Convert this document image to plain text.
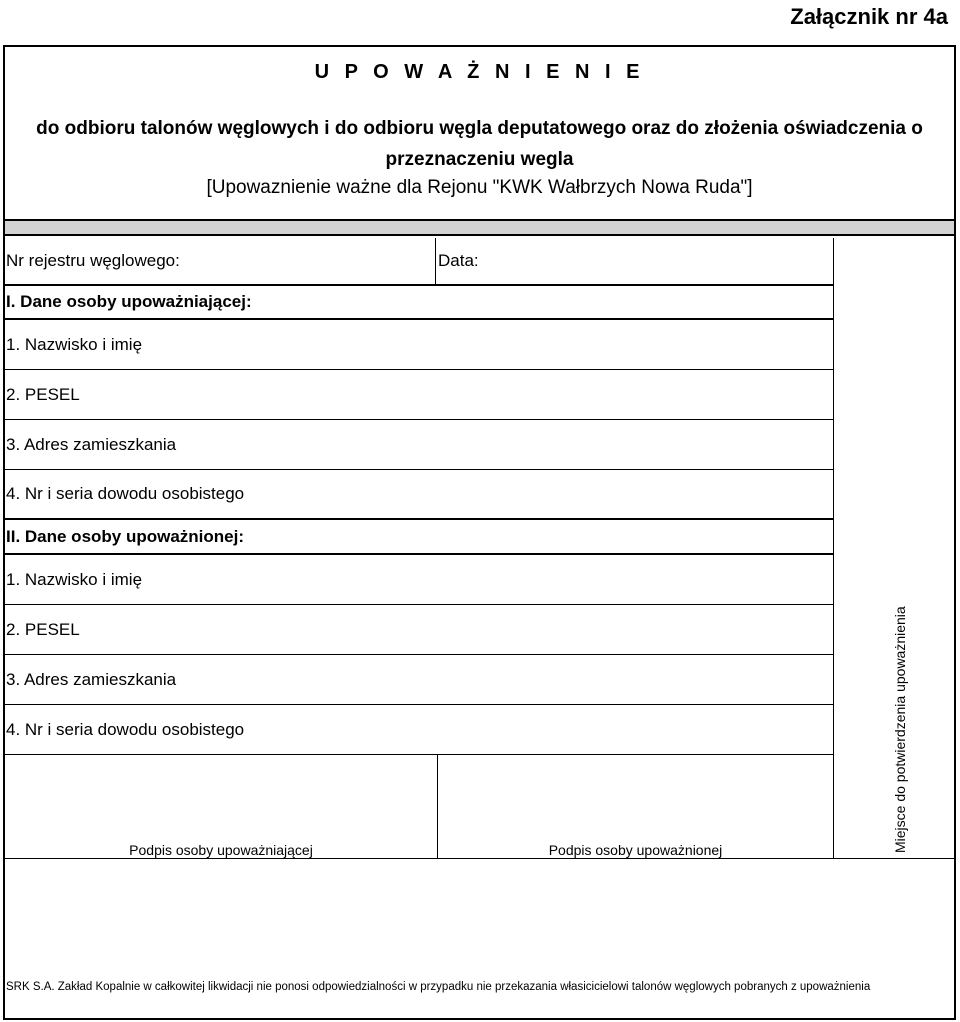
Załącznik nr 4a
U P O W A Ż N I E N I E
do odbioru talonów węglowych i do odbioru węgla deputatowego oraz do złożenia oświadczenia o przeznaczeniu wegla
[Upowaznienie ważne dla Rejonu "KWK Wałbrzych Nowa Ruda"]
Nr rejestru węglowego:	Data:
I. Dane osoby upoważniającej:
1. Nazwisko i imię
2. PESEL
3. Adres zamieszkania
4. Nr i seria dowodu osobistego
II. Dane osoby upoważnionej:
1. Nazwisko i imię
2. PESEL
3. Adres zamieszkania
4. Nr i seria dowodu osobistego
Podpis osoby upoważniającej	Podpis osoby upoważnionej	Miejsce do potwierdzenia upoważnienia
SRK S.A. Zakład Kopalnie w całkowitej likwidacji nie ponosi odpowiedzialności w przypadku nie przekazania własicicielowi talonów węglowych pobranych z upoważnienia
